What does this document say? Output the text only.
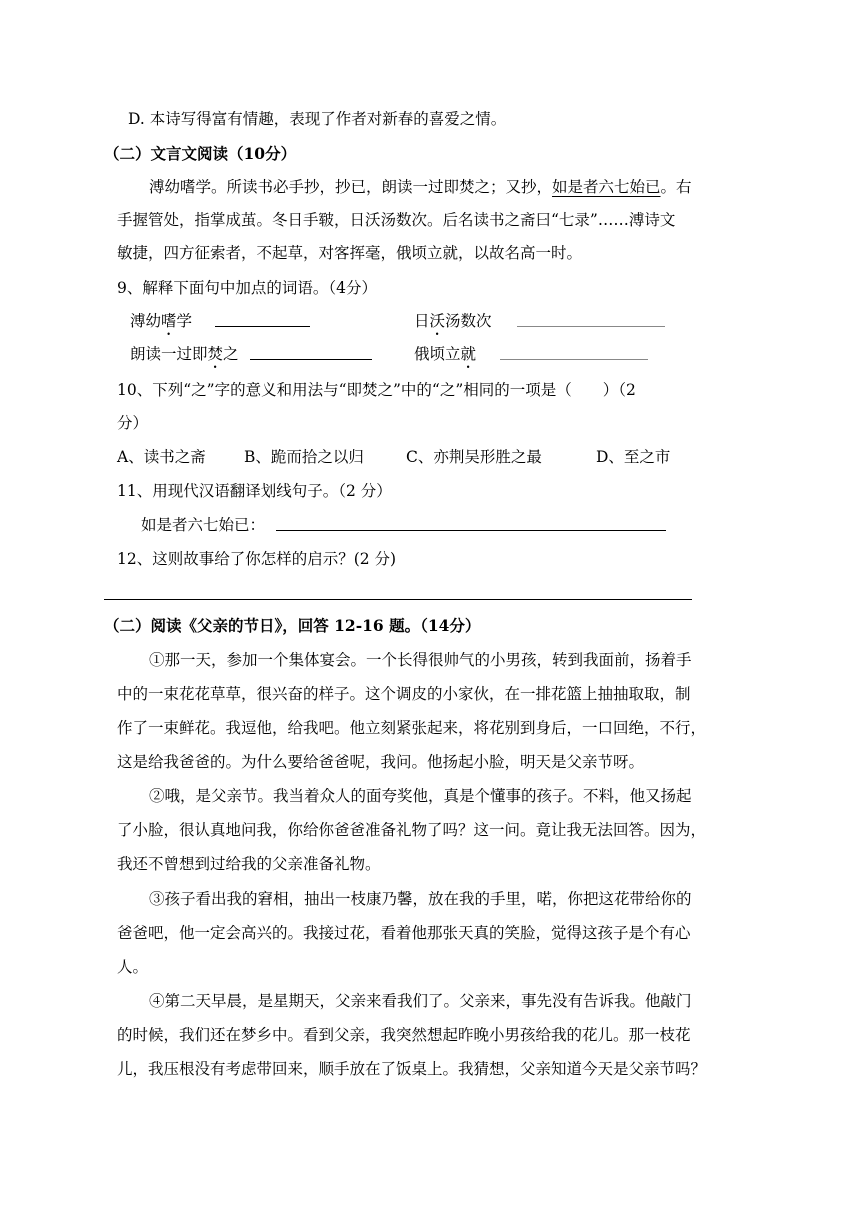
D. 本诗写得富有情趣，表现了作者对新春的喜爱之情。
（二）文言文阅读（10分）
溥幼嗜学。所读书必手抄，抄已，朗读一过即焚之；又抄，如是者六七始已。右
手握管处，指掌成茧。冬日手皲，日沃汤数次。后名读书之斋曰“七录”……溥诗文
敏捷，四方征索者，不起草，对客挥毫，俄顷立就，以故名高一时。
9、解释下面句中加点的词语。（4分）
溥幼嗜学	日沃汤数次
朗读一过即焚之	俄顷立就
10、下列“之”字的意义和用法与“即焚之”中的“之”相同的一项是（　　）（2
分）
A、读书之斋 B、跪而拾之以归	C、亦荆吴形胜之最	D、至之市
11、用现代汉语翻译划线句子。（2 分）
如是者六七始已：
12、这则故事给了你怎样的启示？(2 分)
（二）阅读《父亲的节日》，回答 12-16 题。（14分）
①那一天，参加一个集体宴会。一个长得很帅气的小男孩，转到我面前，扬着手
中的一束花花草草，很兴奋的样子。这个调皮的小家伙，在一排花篮上抽抽取取，制
作了一束鲜花。我逗他，给我吧。他立刻紧张起来，将花别到身后，一口回绝，不行，
这是给我爸爸的。为什么要给爸爸呢，我问。他扬起小脸，明天是父亲节呀。
②哦，是父亲节。我当着众人的面夸奖他，真是个懂事的孩子。不料，他又扬起
了小脸，很认真地问我，你给你爸爸准备礼物了吗？这一问。竟让我无法回答。因为，
我还不曾想到过给我的父亲准备礼物。
③孩子看出我的窘相，抽出一枝康乃馨，放在我的手里，喏，你把这花带给你的
爸爸吧，他一定会高兴的。我接过花，看着他那张天真的笑脸，觉得这孩子是个有心
人。
④第二天早晨，是星期天，父亲来看我们了。父亲来，事先没有告诉我。他敲门
的时候，我们还在梦乡中。看到父亲，我突然想起昨晚小男孩给我的花儿。那一枝花
儿，我压根没有考虑带回来，顺手放在了饭桌上。我猜想，父亲知道今天是父亲节吗？
